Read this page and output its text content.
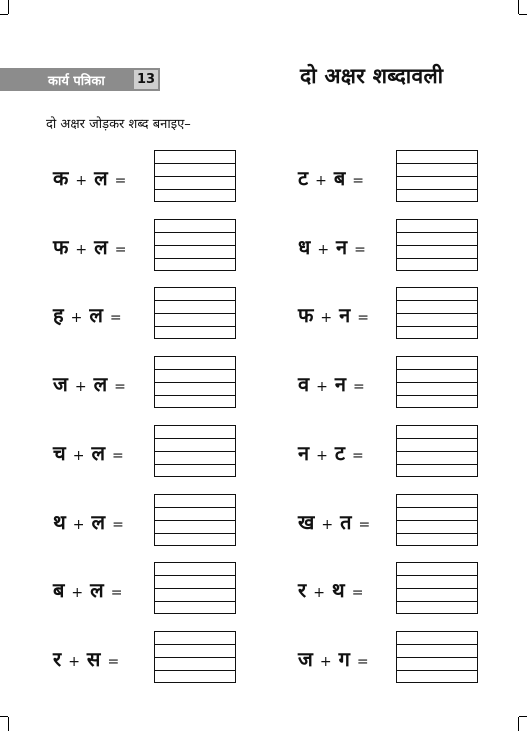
कार्य पत्रिका 13	दो अक्षर शब्दावली
दो अक्षर जोड़कर शब्द बनाइए–
क + ल =
फ + ल =
ह + ल =
ज + ल =
च + ल =
थ + ल =
ब + ल =
र + स =
ट + ब =
ध + न =
फ + न =
व + न =
न + ट =
ख + त =
र + थ =
ज + ग =
